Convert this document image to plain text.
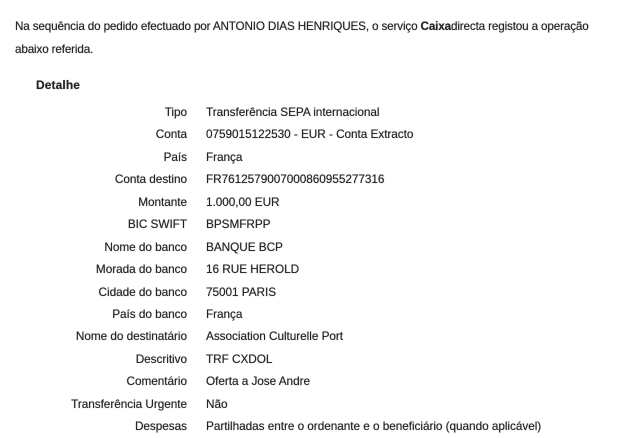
Na sequência do pedido efectuado por ANTONIO DIAS HENRIQUES, o serviço Caixadirecta registou a operação
abaixo referida.
Detalhe
Tipo Transferência SEPA internacional
Conta 0759015122530 - EUR - Conta Extracto
País França
Conta destino FR7612579007000860955277316
Montante 1.000,00 EUR
BIC SWIFT BPSMFRPP
Nome do banco BANQUE BCP
Morada do banco 16 RUE HEROLD
Cidade do banco 75001 PARIS
País do banco França
Nome do destinatário Association Culturelle Port
Descritivo TRF CXDOL
Comentário Oferta a Jose Andre
Transferência Urgente Não
Despesas Partilhadas entre o ordenante e o beneficiário (quando aplicável)
